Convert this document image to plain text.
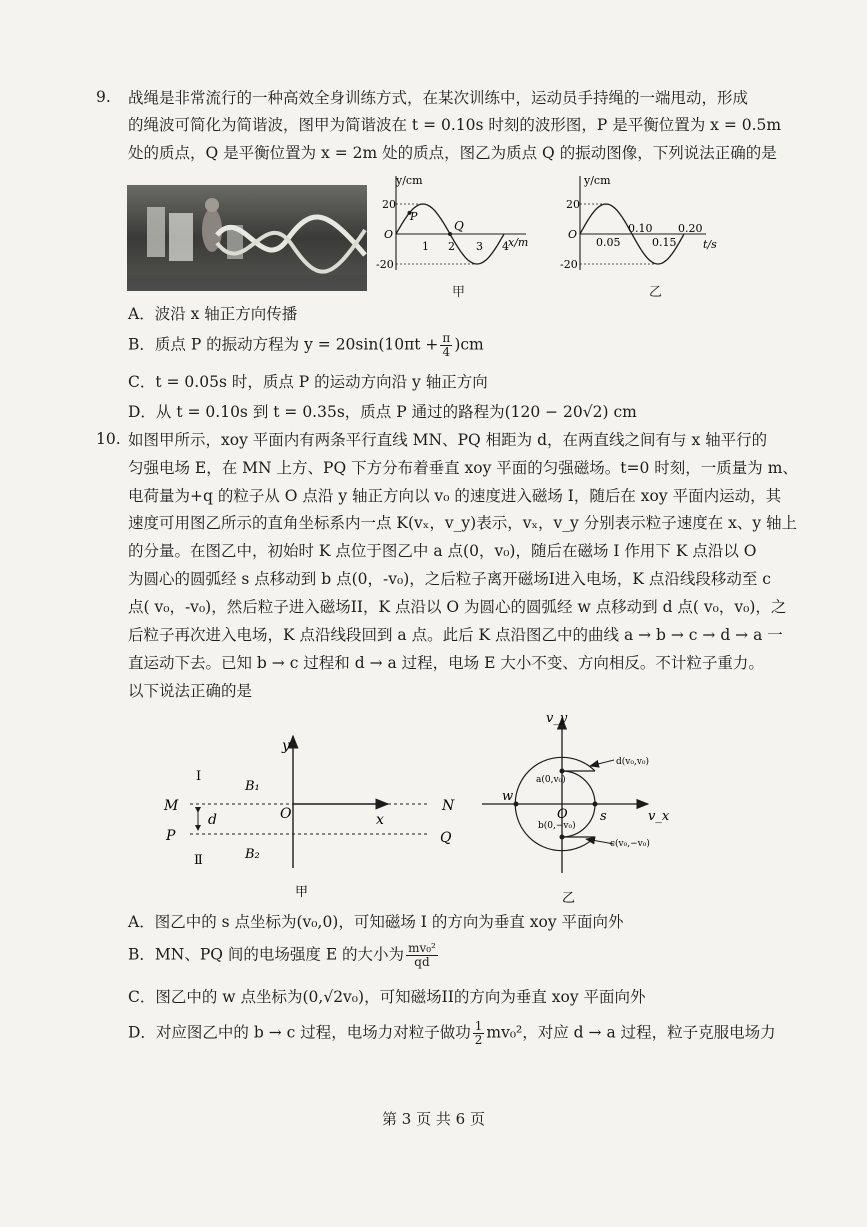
9. 战绳是非常流行的一种高效全身训练方式，在某次训练中，运动员手持绳的一端甩动，形成
的绳波可简化为简谐波，图甲为简谐波在 t = 0.10s 时刻的波形图，P 是平衡位置为 x = 0.5m
处的质点，Q 是平衡位置为 x = 2m 处的质点，图乙为质点 Q 的振动图像，下列说法正确的是
y/cm
x/m
O
20
-20
1 2 3 4
P
Q
甲
y/cm
t/s
O
20
-20
0.05
0.10
0.15
0.20
乙
A．波沿 x 轴正方向传播
B．质点 P 的振动方程为 $y = 20\sin(10\pi t + \frac{\pi}{4} )cm$
C．t = 0.05s 时，质点 P 的运动方向沿 y 轴正方向
D．从 t = 0.10s 到 t = 0.35s，质点 P 通过的路程为(120 − 20√2) cm
10. 如图甲所示，xoy 平面内有两条平行直线 MN、PQ 相距为 d，在两直线之间有与 x 轴平行的
匀强电场 E，在 MN 上方、PQ 下方分布着垂直 xoy 平面的匀强磁场。t=0 时刻，一质量为 m、
电荷量为+q 的粒子从 O 点沿 y 轴正方向以 v₀ 的速度进入磁场 I，随后在 xoy 平面内运动，其
速度可用图乙所示的直角坐标系内一点 K(vₓ，v_y)表示，vₓ，v_y 分别表示粒子速度在 x、y 轴上
的分量。在图乙中，初始时 K 点位于图乙中 a 点(0，v₀)，随后在磁场 I 作用下 K 点沿以 O
为圆心的圆弧经 s 点移动到 b 点(0，-v₀)，之后粒子离开磁场I进入电场，K 点沿线段移动至 c
点( v₀，-v₀)，然后粒子进入磁场II，K 点沿以 O 为圆心的圆弧经 w 点移动到 d 点( v₀，v₀)，之
后粒子再次进入电场，K 点沿线段回到 a 点。此后 K 点沿图乙中的曲线 a → b → c → d → a 一
直运动下去。已知 b → c 过程和 d → a 过程，电场 E 大小不变、方向相反。不计粒子重力。
以下说法正确的是
y
I
B₁
M	N
O	x
d
P	Q
Ⅱ	B₂
甲
v_y
v_x
O
w
s
a(0,v₀)
b(0,−v₀)
d(v₀,v₀)
c(v₀,−v₀)
乙
A．图乙中的 s 点坐标为(v₀,0)，可知磁场 I 的方向为垂直 xoy 平面向外
B．MN、PQ 间的电场强度 E 的大小为 $\frac{\text{mv₀²}}{qd}$
C．图乙中的 w 点坐标为(0,√2v₀)，可知磁场II的方向为垂直 xoy 平面向外
D．对应图乙中的 b → c 过程，电场力对粒子做功 $\frac{1}{2} mv_0^2$，对应 d → a 过程，粒子克服电场力
第 3 页 共 6 页
